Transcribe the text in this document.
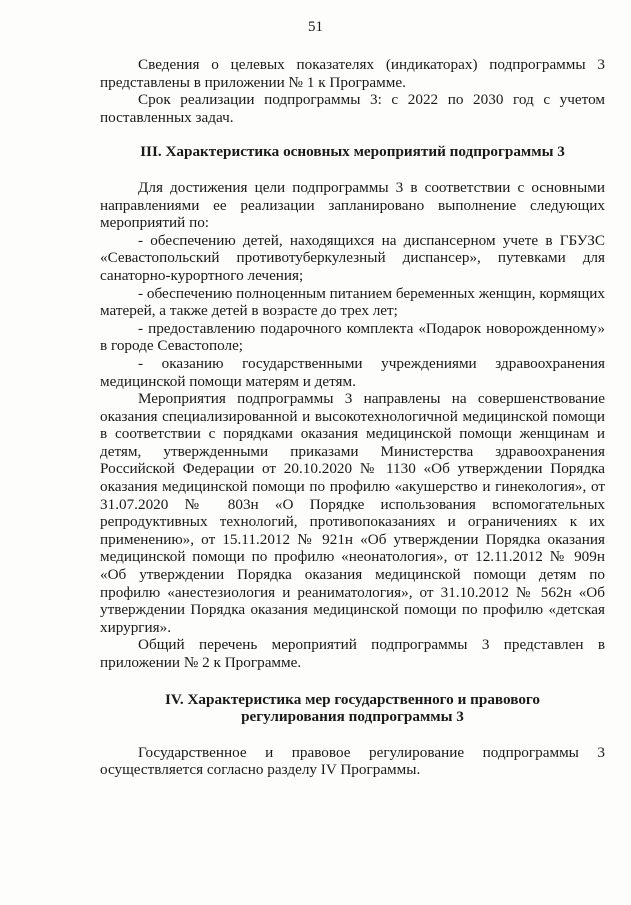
51

Сведения о целевых показателях (индикаторах) подпрограммы 3 представлены в приложении № 1 к Программе.

Срок реализации подпрограммы 3: с 2022 по 2030 год с учетом поставленных задач.

III. Характеристика основных мероприятий подпрограммы 3

Для достижения цели подпрограммы 3 в соответствии с основными направлениями ее реализации запланировано выполнение следующих мероприятий по:

- обеспечению детей, находящихся на диспансерном учете в ГБУЗС «Севастопольский противотуберкулезный диспансер», путевками для санаторно-курортного лечения;

- обеспечению полноценным питанием беременных женщин, кормящих матерей, а также детей в возрасте до трех лет;

- предоставлению подарочного комплекта «Подарок новорожденному» в городе Севастополе;

- оказанию государственными учреждениями здравоохранения медицинской помощи матерям и детям.

Мероприятия подпрограммы 3 направлены на совершенствование оказания специализированной и высокотехнологичной медицинской помощи в соответствии с порядками оказания медицинской помощи женщинам и детям, утвержденными приказами Министерства здравоохранения Российской Федерации от 20.10.2020 № 1130 «Об утверждении Порядка оказания медицинской помощи по профилю «акушерство и гинекология», от 31.07.2020 № 803н «О Порядке использования вспомогательных репродуктивных технологий, противопоказаниях и ограничениях к их применению», от 15.11.2012 № 921н «Об утверждении Порядка оказания медицинской помощи по профилю «неонатология», от 12.11.2012 № 909н «Об утверждении Порядка оказания медицинской помощи детям по профилю «анестезиология и реаниматология», от 31.10.2012 № 562н «Об утверждении Порядка оказания медицинской помощи по профилю «детская хирургия».

Общий перечень мероприятий подпрограммы 3 представлен в приложении № 2 к Программе.

IV. Характеристика мер государственного и правового
регулирования подпрограммы 3

Государственное и правовое регулирование подпрограммы 3 осуществляется согласно разделу IV Программы.
